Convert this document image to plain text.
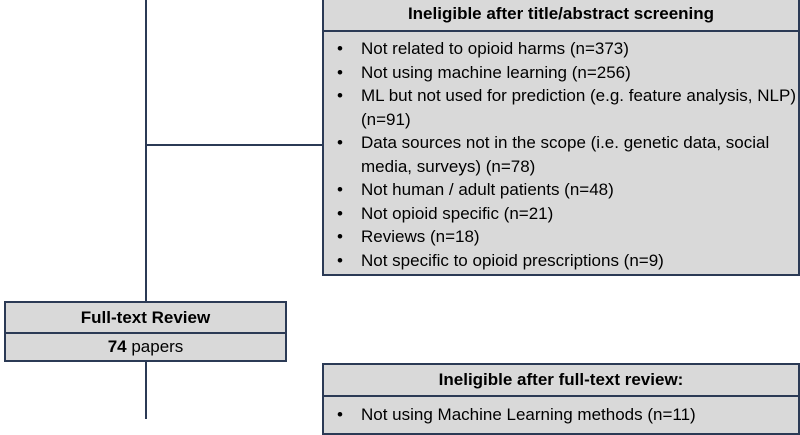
Ineligible after title/abstract screening
• Not related to opioid harms (n=373)
• Not using machine learning (n=256)
• ML but not used for prediction (e.g. feature analysis, NLP) (n=91)
• Data sources not in the scope (i.e. genetic data, social media, surveys) (n=78)
• Not human / adult patients (n=48)
• Not opioid specific (n=21)
• Reviews (n=18)
• Not specific to opioid prescriptions (n=9)
Full-text Review
74 papers
Ineligible after full-text review:
• Not using Machine Learning methods (n=11)
